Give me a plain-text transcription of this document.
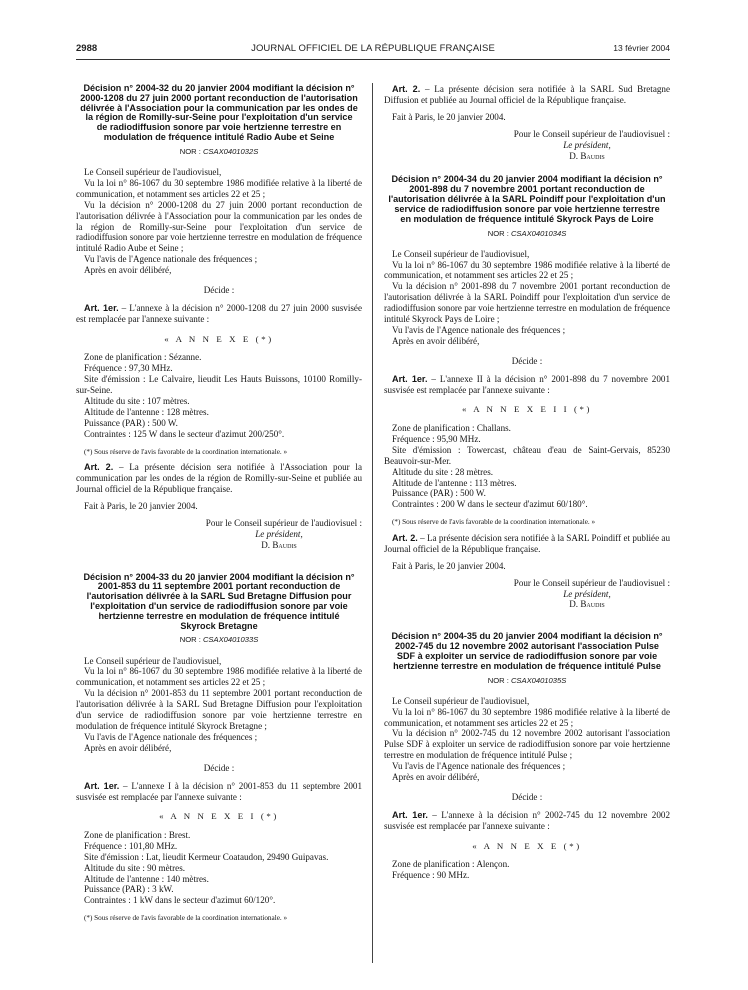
2988	JOURNAL OFFICIEL DE LA RÉPUBLIQUE FRANÇAISE	13 février 2004
Décision n° 2004-32 du 20 janvier 2004 modifiant la décision n° 2000-1208 du 27 juin 2000 portant reconduction de l'autorisation délivrée à l'Association pour la communication par les ondes de la région de Romilly-sur-Seine pour l'exploitation d'un service de radiodiffusion sonore par voie hertzienne terrestre en modulation de fréquence intitulé Radio Aube et Seine
NOR : CSAX0401032S
Le Conseil supérieur de l'audiovisuel,
Vu la loi n° 86-1067 du 30 septembre 1986 modifiée relative à la liberté de communication, et notamment ses articles 22 et 25 ;
Vu la décision n° 2000-1208 du 27 juin 2000 portant reconduction de l'autorisation délivrée à l'Association pour la communication par les ondes de la région de Romilly-sur-Seine pour l'exploitation d'un service de radiodiffusion sonore par voie hertzienne terrestre en modulation de fréquence intitulé Radio Aube et Seine ;
Vu l'avis de l'Agence nationale des fréquences ;
Après en avoir délibéré,
Décide :
Art. 1er. – L'annexe à la décision n° 2000-1208 du 27 juin 2000 susvisée est remplacée par l'annexe suivante :
« A N N E X E (*)
Zone de planification : Sézanne.
Fréquence : 97,30 MHz.
Site d'émission : Le Calvaire, lieudit Les Hauts Buissons, 10100 Romilly-sur-Seine.
Altitude du site : 107 mètres.
Altitude de l'antenne : 128 mètres.
Puissance (PAR) : 500 W.
Contraintes : 125 W dans le secteur d'azimut 200/250°.
(*) Sous réserve de l'avis favorable de la coordination internationale. »
Art. 2. – La présente décision sera notifiée à l'Association pour la communication par les ondes de la région de Romilly-sur-Seine et publiée au Journal officiel de la République française.
Fait à Paris, le 20 janvier 2004.
Pour le Conseil supérieur de l'audiovisuel :
Le président,
D. Baudis
Décision n° 2004-33 du 20 janvier 2004 modifiant la décision n° 2001-853 du 11 septembre 2001 portant reconduction de l'autorisation délivrée à la SARL Sud Bretagne Diffusion pour l'exploitation d'un service de radiodiffusion sonore par voie hertzienne terrestre en modulation de fréquence intitulé Skyrock Bretagne
NOR : CSAX0401033S
Le Conseil supérieur de l'audiovisuel,
Vu la loi n° 86-1067 du 30 septembre 1986 modifiée relative à la liberté de communication, et notamment ses articles 22 et 25 ;
Vu la décision n° 2001-853 du 11 septembre 2001 portant reconduction de l'autorisation délivrée à la SARL Sud Bretagne Diffusion pour l'exploitation d'un service de radiodiffusion sonore par voie hertzienne terrestre en modulation de fréquence intitulé Skyrock Bretagne ;
Vu l'avis de l'Agence nationale des fréquences ;
Après en avoir délibéré,
Décide :
Art. 1er. – L'annexe I à la décision n° 2001-853 du 11 septembre 2001 susvisée est remplacée par l'annexe suivante :
« A N N E X E I (*)
Zone de planification : Brest.
Fréquence : 101,80 MHz.
Site d'émission : Lat, lieudit Kermeur Coataudon, 29490 Guipavas.
Altitude du site : 90 mètres.
Altitude de l'antenne : 140 mètres.
Puissance (PAR) : 3 kW.
Contraintes : 1 kW dans le secteur d'azimut 60/120°.
(*) Sous réserve de l'avis favorable de la coordination internationale. »
Art. 2. – La présente décision sera notifiée à la SARL Sud Bretagne Diffusion et publiée au Journal officiel de la République française.
Fait à Paris, le 20 janvier 2004.
Pour le Conseil supérieur de l'audiovisuel :
Le président,
D. Baudis
Décision n° 2004-34 du 20 janvier 2004 modifiant la décision n° 2001-898 du 7 novembre 2001 portant reconduction de l'autorisation délivrée à la SARL Poindiff pour l'exploitation d'un service de radiodiffusion sonore par voie hertzienne terrestre en modulation de fréquence intitulé Skyrock Pays de Loire
NOR : CSAX0401034S
Le Conseil supérieur de l'audiovisuel,
Vu la loi n° 86-1067 du 30 septembre 1986 modifiée relative à la liberté de communication, et notamment ses articles 22 et 25 ;
Vu la décision n° 2001-898 du 7 novembre 2001 portant reconduction de l'autorisation délivrée à la SARL Poindiff pour l'exploitation d'un service de radiodiffusion sonore par voie hertzienne terrestre en modulation de fréquence intitulé Skyrock Pays de Loire ;
Vu l'avis de l'Agence nationale des fréquences ;
Après en avoir délibéré,
Décide :
Art. 1er. – L'annexe II à la décision n° 2001-898 du 7 novembre 2001 susvisée est remplacée par l'annexe suivante :
« A N N E X E I I (*)
Zone de planification : Challans.
Fréquence : 95,90 MHz.
Site d'émission : Towercast, château d'eau de Saint-Gervais, 85230 Beauvoir-sur-Mer.
Altitude du site : 28 mètres.
Altitude de l'antenne : 113 mètres.
Puissance (PAR) : 500 W.
Contraintes : 200 W dans le secteur d'azimut 60/180°.
(*) Sous réserve de l'avis favorable de la coordination internationale. »
Art. 2. – La présente décision sera notifiée à la SARL Poindiff et publiée au Journal officiel de la République française.
Fait à Paris, le 20 janvier 2004.
Pour le Conseil supérieur de l'audiovisuel :
Le président,
D. Baudis
Décision n° 2004-35 du 20 janvier 2004 modifiant la décision n° 2002-745 du 12 novembre 2002 autorisant l'association Pulse SDF à exploiter un service de radiodiffusion sonore par voie hertzienne terrestre en modulation de fréquence intitulé Pulse
NOR : CSAX0401035S
Le Conseil supérieur de l'audiovisuel,
Vu la loi n° 86-1067 du 30 septembre 1986 modifiée relative à la liberté de communication, et notamment ses articles 22 et 25 ;
Vu la décision n° 2002-745 du 12 novembre 2002 autorisant l'association Pulse SDF à exploiter un service de radiodiffusion sonore par voie hertzienne terrestre en modulation de fréquence intitulé Pulse ;
Vu l'avis de l'Agence nationale des fréquences ;
Après en avoir délibéré,
Décide :
Art. 1er. – L'annexe à la décision n° 2002-745 du 12 novembre 2002 susvisée est remplacée par l'annexe suivante :
« A N N E X E (*)
Zone de planification : Alençon.
Fréquence : 90 MHz.
